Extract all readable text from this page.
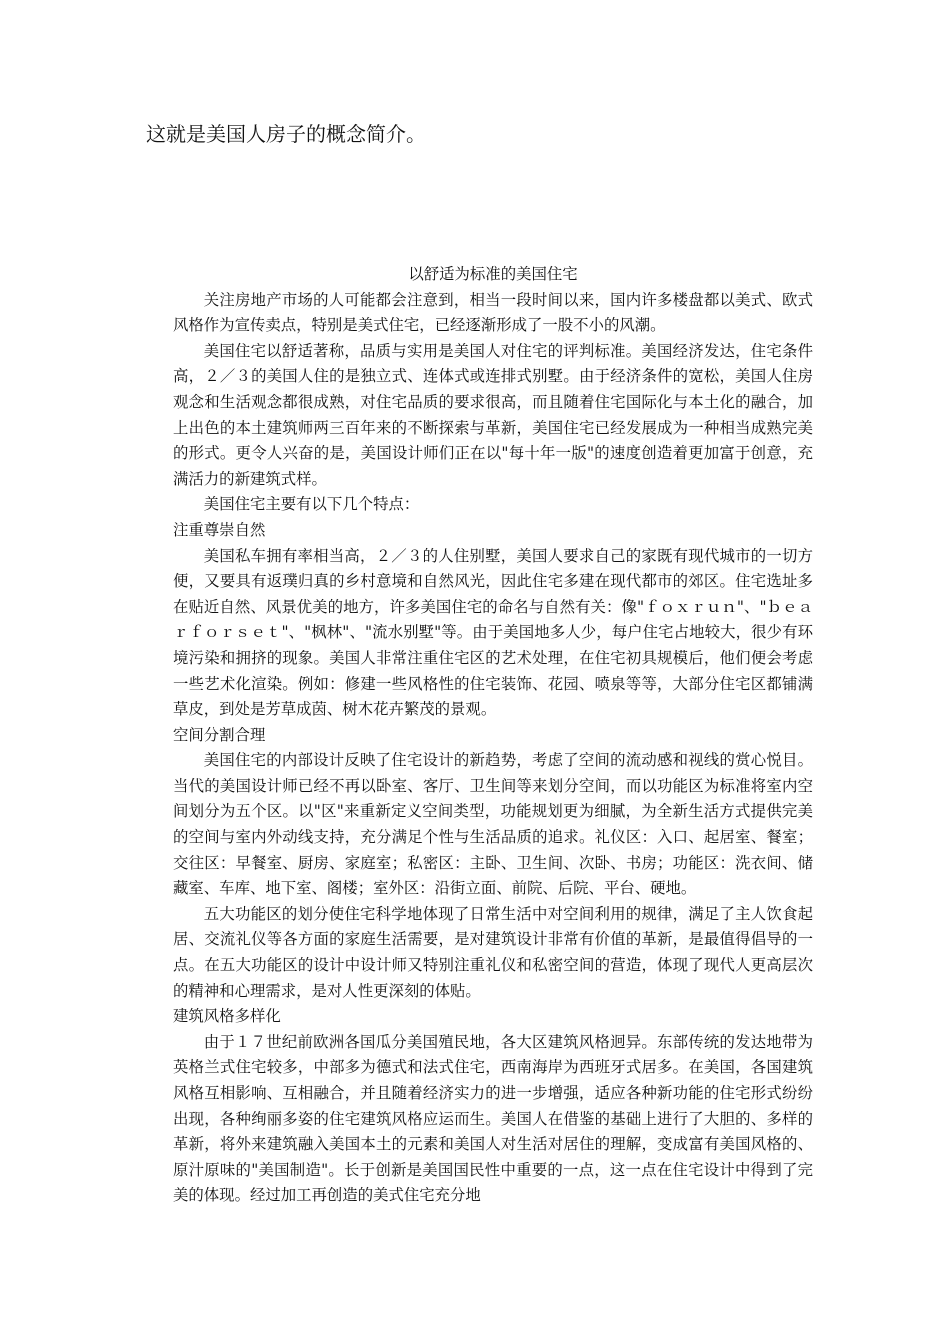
这就是美国人房子的概念简介。
以舒适为标准的美国住宅

关注房地产市场的人可能都会注意到，相当一段时间以来，国内许多楼盘都以美式、欧式风格作为宣传卖点，特别是美式住宅，已经逐渐形成了一股不小的风潮。

美国住宅以舒适著称，品质与实用是美国人对住宅的评判标准。美国经济发达，住宅条件高，２／３的美国人住的是独立式、连体式或连排式别墅。由于经济条件的宽松，美国人住房观念和生活观念都很成熟，对住宅品质的要求很高，而且随着住宅国际化与本土化的融合，加上出色的本土建筑师两三百年来的不断探索与革新，美国住宅已经发展成为一种相当成熟完美的形式。更令人兴奋的是，美国设计师们正在以"每十年一版"的速度创造着更加富于创意，充满活力的新建筑式样。

美国住宅主要有以下几个特点：

注重尊崇自然

美国私车拥有率相当高，２／３的人住别墅，美国人要求自己的家既有现代城市的一切方便，又要具有返璞归真的乡村意境和自然风光，因此住宅多建在现代都市的郊区。住宅选址多在贴近自然、风景优美的地方，许多美国住宅的命名与自然有关：像"ｆｏｘｒｕｎ"、"ｂｅａｒｆｏｒｓｅｔ"、"枫林"、"流水别墅"等。由于美国地多人少，每户住宅占地较大，很少有环境污染和拥挤的现象。美国人非常注重住宅区的艺术处理，在住宅初具规模后，他们便会考虑一些艺术化渲染。例如：修建一些风格性的住宅装饰、花园、喷泉等等，大部分住宅区都铺满草皮，到处是芳草成茵、树木花卉繁茂的景观。

空间分割合理

美国住宅的内部设计反映了住宅设计的新趋势，考虑了空间的流动感和视线的赏心悦目。当代的美国设计师已经不再以卧室、客厅、卫生间等来划分空间，而以功能区为标准将室内空间划分为五个区。以"区"来重新定义空间类型，功能规划更为细腻，为全新生活方式提供完美的空间与室内外动线支持，充分满足个性与生活品质的追求。礼仪区：入口、起居室、餐室；交往区：早餐室、厨房、家庭室；私密区：主卧、卫生间、次卧、书房；功能区：洗衣间、储藏室、车库、地下室、阁楼；室外区：沿街立面、前院、后院、平台、硬地。

五大功能区的划分使住宅科学地体现了日常生活中对空间利用的规律，满足了主人饮食起居、交流礼仪等各方面的家庭生活需要，是对建筑设计非常有价值的革新，是最值得倡导的一点。在五大功能区的设计中设计师又特别注重礼仪和私密空间的营造，体现了现代人更高层次的精神和心理需求，是对人性更深刻的体贴。

建筑风格多样化

由于１７世纪前欧洲各国瓜分美国殖民地，各大区建筑风格迥异。东部传统的发达地带为英格兰式住宅较多，中部多为德式和法式住宅，西南海岸为西班牙式居多。在美国，各国建筑风格互相影响、互相融合，并且随着经济实力的进一步增强，适应各种新功能的住宅形式纷纷出现，各种绚丽多姿的住宅建筑风格应运而生。美国人在借鉴的基础上进行了大胆的、多样的革新，将外来建筑融入美国本土的元素和美国人对生活对居住的理解，变成富有美国风格的、原汁原味的"美国制造"。长于创新是美国国民性中重要的一点，这一点在住宅设计中得到了完美的体现。经过加工再创造的美式住宅充分地
